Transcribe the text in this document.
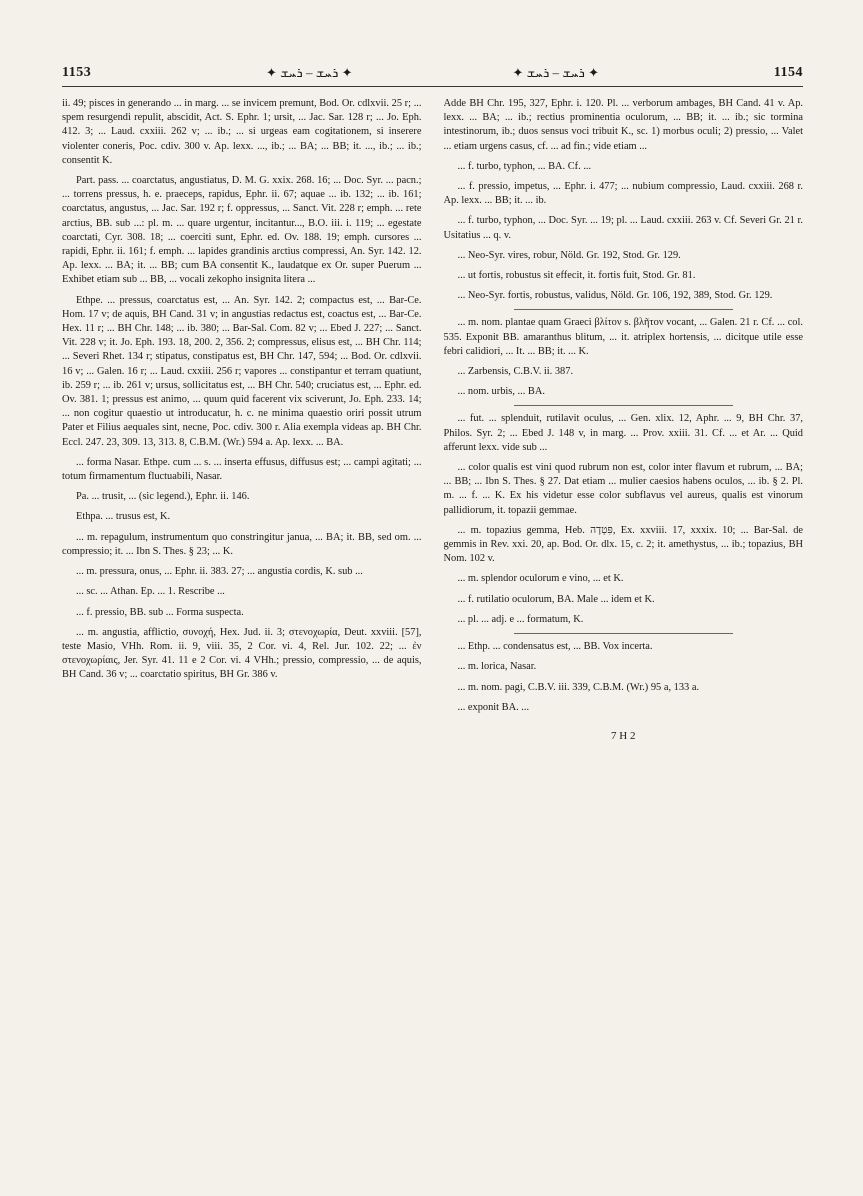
1153	✦ ܪܚܫ – ܪܚܫ ✦	✦ ܪܚܫ – ܪܚܫ ✦	1154

ii. 49; pisces in generando ... in marg. ... se invicem premunt, Bod. Or. cdlxvii. 25 r; ... spem resurgendi repulit, abscidit, Act. S. Ephr. 1; ursit, ... Jac. Sar. 128 r; ... Jo. Eph. 412. 3; ... Laud. cxxiii. 262 v; ... ib.; ... si urgeas eam cogitationem, si inserere violenter coneris, Poc. cdiv. 300 v. Ap. lexx. ..., ib.; ... BA; ... BB; it. ..., ib.; ... ib.; consentit K.

Part. pass. ... coarctatus, angustiatus, D. M. G. xxix. 268. 16; ... Doc. Syr. ... pacn.; ... torrens pressus, h. e. praeceps, rapidus, Ephr. ii. 67; aquae ... ib. 132; ... ib. 161; coarctatus, angustus, ... Jac. Sar. 192 r; f. oppressus, ... Sanct. Vit. 228 r; emph. ... rete arctius, BB. sub ...: pl. m. ... quare urgentur, incitantur..., B.O. iii. i. 119; ... egestate coarctati, Cyr. 308. 18; ... coerciti sunt, Ephr. ed. Ov. 188. 19; emph. cursores ... rapidi, Ephr. ii. 161; f. emph. ... lapides grandinis arctius compressi, An. Syr. 142. 12. Ap. lexx. ... BA; it. ... BB; cum BA consentit K., laudatque ex Or. super Puerum ... Exhibet etiam sub ... BB, ... vocali zekopho insignita litera ...

Ethpe. ... pressus, coarctatus est, ... An. Syr. 142. 2; compactus est, ... Bar-Ce. Hom. 17 v; de aquis, BH Cand. 31 v; in angustias redactus est, coactus est, ... Bar-Ce. Hex. 11 r; ... BH Chr. 148; ... ib. 380; ... Bar-Sal. Com. 82 v; ... Ebed J. 227; ... Sanct. Vit. 228 v; it. Jo. Eph. 193. 18, 200. 2, 356. 2; compressus, elisus est, ... BH Chr. 114; ... Severi Rhet. 134 r; stipatus, constipatus est, BH Chr. 147, 594; ... Bod. Or. cdlxvii. 16 v; ... Galen. 16 r; ... Laud. cxxiii. 256 r; vapores ... constipantur et terram quatiunt, ib. 259 r; ... ib. 261 v; ursus, sollicitatus est, ... BH Chr. 540; cruciatus est, ... Ephr. ed. Ov. 381. 1; pressus est animo, ... quum quid facerent vix sciverunt, Jo. Eph. 233. 14; ... non cogitur quaestio ut introducatur, h. c. ne minima quaestio oriri possit utrum Pater et Filius aequales sint, necne, Poc. cdiv. 300 r. Alia exempla videas ap. BH Chr. Eccl. 247. 23, 309. 13, 313. 8, C.B.M. (Wr.) 594 a. Ap. lexx. ... BA.

... forma Nasar. Ethpe. cum ... s. ... inserta effusus, diffusus est; ... campi agitati; ... totum firmamentum fluctuabili, Nasar.

Pa. ... trusit, ... (sic legend.), Ephr. ii. 146.

Ethpa. ... trusus est, K.

... m. repagulum, instrumentum quo constringitur janua, ... BA; it. BB, sed om. ... compressio; it. ... Ibn S. Thes. § 23; ... K.

... m. pressura, onus, ... Ephr. ii. 383. 27; ... angustia cordis, K. sub ...

... sc. ... Athan. Ep. ... 1. Rescribe ...

... f. pressio, BB. sub ... Forma suspecta.

... m. angustia, afflictio, συνοχή, Hex. Jud. ii. 3; στενοχωρία, Deut. xxviii. [57], teste Masio, VHh. Rom. ii. 9, viii. 35, 2 Cor. vi. 4, Rel. Jur. 102. 22; ... ἐν στενοχωρίαις, Jer. Syr. 41. 11 e 2 Cor. vi. 4 VHh.; pressio, compressio, ... de aquis, BH Cand. 36 v; ... coarctatio spiritus, BH Gr. 386 v.

Adde BH Chr. 195, 327, Ephr. i. 120. Pl. ... verborum ambages, BH Cand. 41 v. Ap. lexx. ... BA; ... ib.; rectius prominentia oculorum, ... BB; it. ... ib.; sic tormina intestinorum, ib.; duos sensus voci tribuit K., sc. 1) morbus oculi; 2) pressio, ... Valet ... etiam urgens casus, cf. ... ad fin.; vide etiam ...

... f. turbo, typhon, ... BA. Cf. ...

... f. pressio, impetus, ... Ephr. i. 477; ... nubium compressio, Laud. cxxiii. 268 r. Ap. lexx. ... BB; it. ... ib.

... f. turbo, typhon, ... Doc. Syr. ... 19; pl. ... Laud. cxxiii. 263 v. Cf. Severi Gr. 21 r. Usitatius ... q. v.

... Neo-Syr. vires, robur, Nöld. Gr. 192, Stod. Gr. 129.

... ut fortis, robustus sit effecit, it. fortis fuit, Stod. Gr. 81.

... Neo-Syr. fortis, robustus, validus, Nöld. Gr. 106, 192, 389, Stod. Gr. 129.

... m. nom. plantae quam Graeci βλίτον s. βλῆτον vocant, ... Galen. 21 r. Cf. ... col. 535. Exponit BB. amaranthus blitum, ... it. atriplex hortensis, ... dicitque utile esse febri calidiori, ... It. ... BB; it. ... K.

... Zarbensis, C.B.V. ii. 387.

... nom. urbis, ... BA.

... fut. ... splenduit, rutilavit oculus, ... Gen. xlix. 12, Aphr. ... 9, BH Chr. 37, Philos. Syr. 2; ... Ebed J. 148 v, in marg. ... Prov. xxiii. 31. Cf. ... et Ar. ... Quid afferunt lexx. vide sub ...

... color qualis est vini quod rubrum non est, color inter flavum et rubrum, ... BA; ... BB; ... Ibn S. Thes. § 27. Dat etiam ... mulier caesios habens oculos, ... ib. § 2. Pl. m. ... f. ... K. Ex his videtur esse color subflavus vel aureus, qualis est vinorum pallidiorum, it. topazii gemmae.

... m. topazius gemma, Heb. פִּטְדָה, Ex. xxviii. 17, xxxix. 10; ... Bar-Sal. de gemmis in Rev. xxi. 20, ap. Bod. Or. dlx. 15, c. 2; it. amethystus, ... ib.; topazius, BH Nom. 102 v.

... m. splendor oculorum e vino, ... et K.

... f. rutilatio oculorum, BA. Male ... idem et K.

... pl. ... adj. e ... formatum, K.

... Ethp. ... condensatus est, ... BB. Vox incerta.

... m. lorica, Nasar.

... m. nom. pagi, C.B.V. iii. 339, C.B.M. (Wr.) 95 a, 133 a.

... exponit BA. ...

7 H 2
